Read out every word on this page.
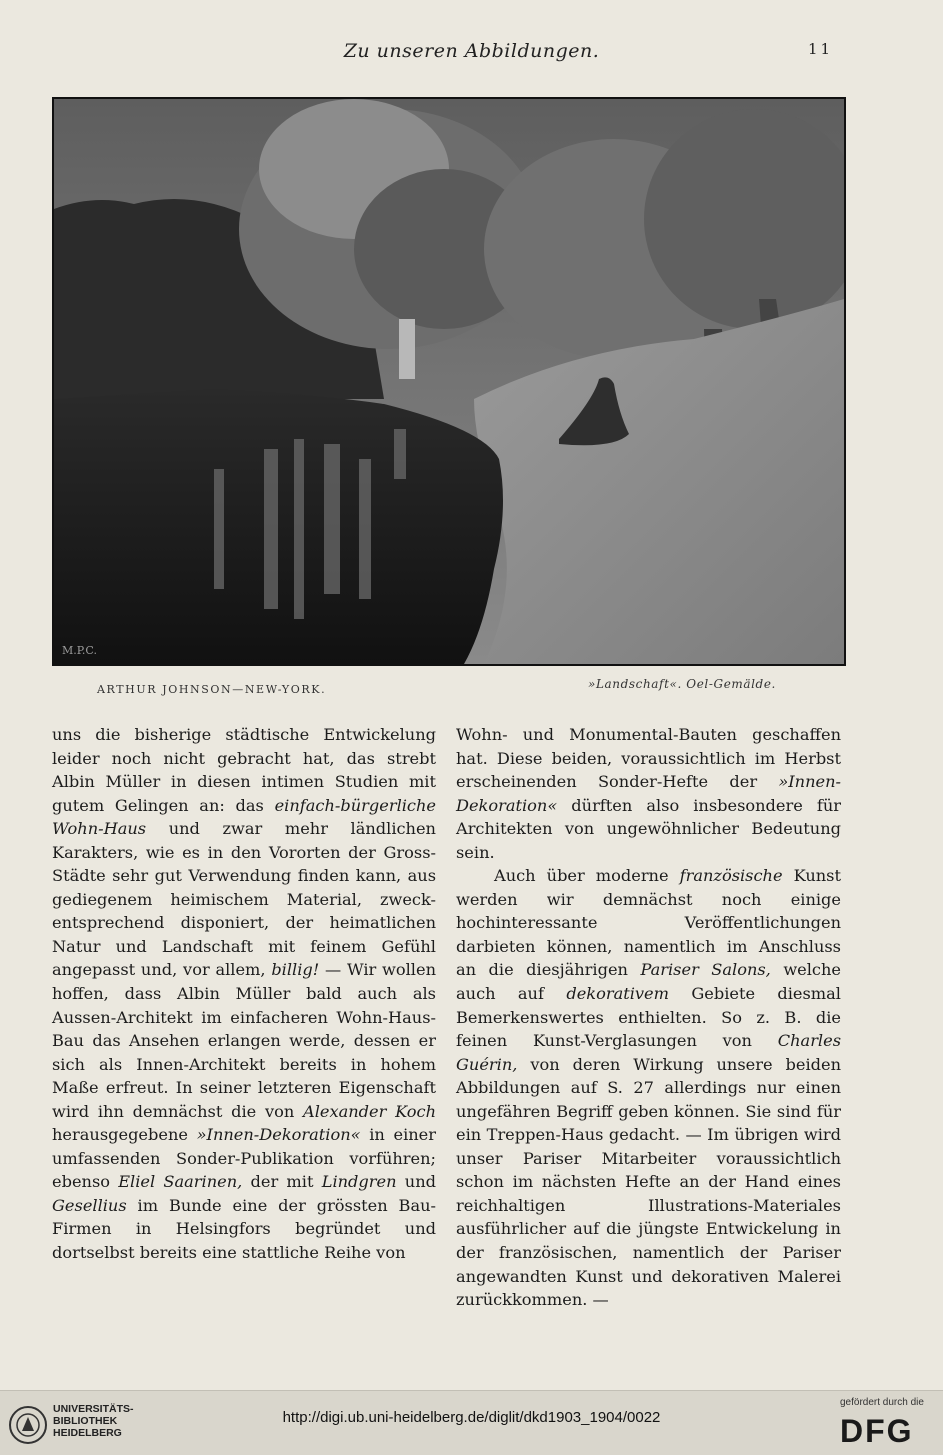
Zu unseren Abbildungen.	11
M.P.C.
ARTHUR JOHNSON—NEW-YORK.	»Landschaft«. Oel-Gemälde.

uns die bisherige städtische Entwickelung leider noch nicht gebracht hat, das strebt Albin Müller in diesen intimen Studien mit gutem Gelingen an: das einfach-bürgerliche Wohn-Haus und zwar mehr ländlichen Karakters, wie es in den Vororten der Gross-Städte sehr gut Verwendung finden kann, aus gediegenem heimischem Material, zweck-entsprechend disponiert, der heimatlichen Natur und Landschaft mit feinem Gefühl angepasst und, vor allem, billig! — Wir wollen hoffen, dass Albin Müller bald auch als Aussen-Architekt im einfacheren Wohn-Haus-Bau das Ansehen erlangen werde, dessen er sich als Innen-Architekt bereits in hohem Maße erfreut. In seiner letzteren Eigenschaft wird ihn demnächst die von Alexander Koch herausgegebene »Innen-Dekoration« in einer umfassenden Sonder-Publikation vorführen; ebenso Eliel Saarinen, der mit Lindgren und Gesellius im Bunde eine der grössten Bau-Firmen in Helsingfors begründet und dortselbst bereits eine stattliche Reihe von

Wohn- und Monumental-Bauten geschaffen hat. Diese beiden, voraussichtlich im Herbst erscheinenden Sonder-Hefte der »Innen-Dekoration« dürften also insbesondere für Architekten von ungewöhnlicher Bedeutung sein.

Auch über moderne französische Kunst werden wir demnächst noch einige hochinteressante Veröffentlichungen darbieten können, namentlich im Anschluss an die diesjährigen Pariser Salons, welche auch auf dekorativem Gebiete diesmal Bemerkenswertes enthielten. So z. B. die feinen Kunst-Verglasungen von Charles Guérin, von deren Wirkung unsere beiden Abbildungen auf S. 27 allerdings nur einen ungefähren Begriff geben können. Sie sind für ein Treppen-Haus gedacht. — Im übrigen wird unser Pariser Mitarbeiter voraussichtlich schon im nächsten Hefte an der Hand eines reichhaltigen Illustrations-Materiales ausführlicher auf die jüngste Entwickelung in der französischen, namentlich der Pariser angewandten Kunst und dekorativen Malerei zurückkommen. —

UNIVERSITÄTS-
BIBLIOTHEK
HEIDELBERG
http://digi.ub.uni-heidelberg.de/diglit/dkd1903_1904/0022
gefördert durch die
DFG
